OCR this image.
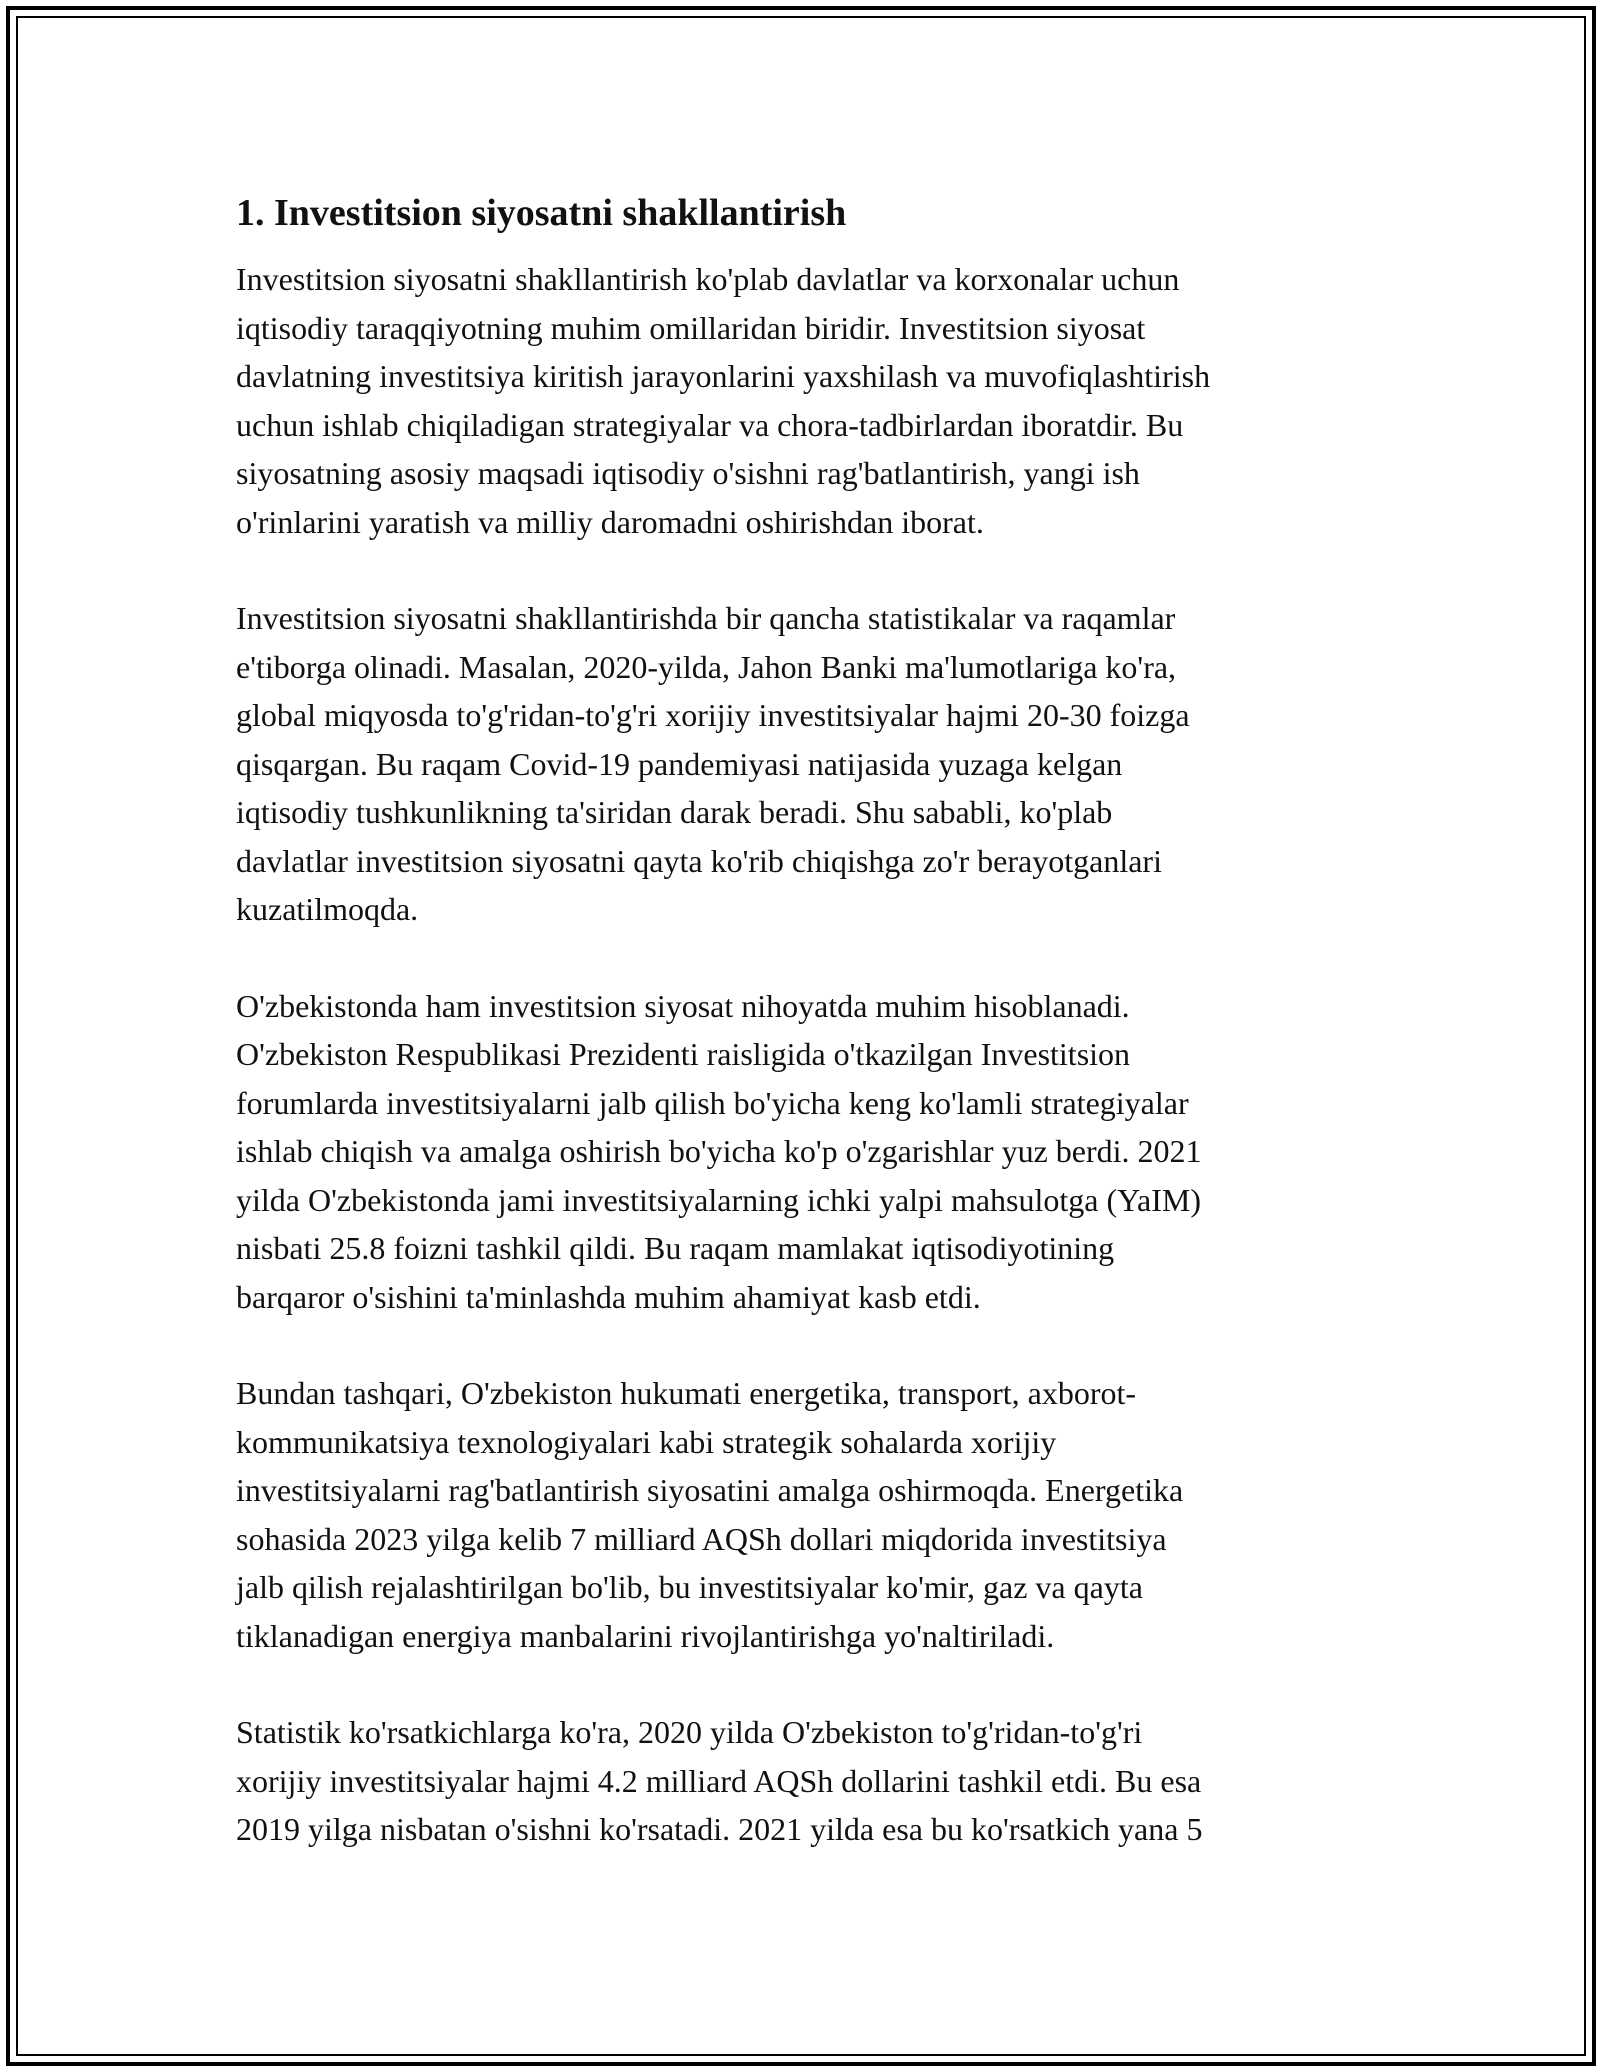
1. Investitsion siyosatni shakllantirish

Investitsion siyosatni shakllantirish ko'plab davlatlar va korxonalar uchun
iqtisodiy taraqqiyotning muhim omillaridan biridir. Investitsion siyosat
davlatning investitsiya kiritish jarayonlarini yaxshilash va muvofiqlashtirish
uchun ishlab chiqiladigan strategiyalar va chora-tadbirlardan iboratdir. Bu
siyosatning asosiy maqsadi iqtisodiy o'sishni rag'batlantirish, yangi ish
o'rinlarini yaratish va milliy daromadni oshirishdan iborat.

Investitsion siyosatni shakllantirishda bir qancha statistikalar va raqamlar
e'tiborga olinadi. Masalan, 2020-yilda, Jahon Banki ma'lumotlariga ko'ra,
global miqyosda to'g'ridan-to'g'ri xorijiy investitsiyalar hajmi 20-30 foizga
qisqargan. Bu raqam Covid-19 pandemiyasi natijasida yuzaga kelgan
iqtisodiy tushkunlikning ta'siridan darak beradi. Shu sababli, ko'plab
davlatlar investitsion siyosatni qayta ko'rib chiqishga zo'r berayotganlari
kuzatilmoqda.

O'zbekistonda ham investitsion siyosat nihoyatda muhim hisoblanadi.
O'zbekiston Respublikasi Prezidenti raisligida o'tkazilgan Investitsion
forumlarda investitsiyalarni jalb qilish bo'yicha keng ko'lamli strategiyalar
ishlab chiqish va amalga oshirish bo'yicha ko'p o'zgarishlar yuz berdi. 2021
yilda O'zbekistonda jami investitsiyalarning ichki yalpi mahsulotga (YaIM)
nisbati 25.8 foizni tashkil qildi. Bu raqam mamlakat iqtisodiyotining
barqaror o'sishini ta'minlashda muhim ahamiyat kasb etdi.

Bundan tashqari, O'zbekiston hukumati energetika, transport, axborot-
kommunikatsiya texnologiyalari kabi strategik sohalarda xorijiy
investitsiyalarni rag'batlantirish siyosatini amalga oshirmoqda. Energetika
sohasida 2023 yilga kelib 7 milliard AQSh dollari miqdorida investitsiya
jalb qilish rejalashtirilgan bo'lib, bu investitsiyalar ko'mir, gaz va qayta
tiklanadigan energiya manbalarini rivojlantirishga yo'naltiriladi.

Statistik ko'rsatkichlarga ko'ra, 2020 yilda O'zbekiston to'g'ridan-to'g'ri
xorijiy investitsiyalar hajmi 4.2 milliard AQSh dollarini tashkil etdi. Bu esa
2019 yilga nisbatan o'sishni ko'rsatadi. 2021 yilda esa bu ko'rsatkich yana 5
